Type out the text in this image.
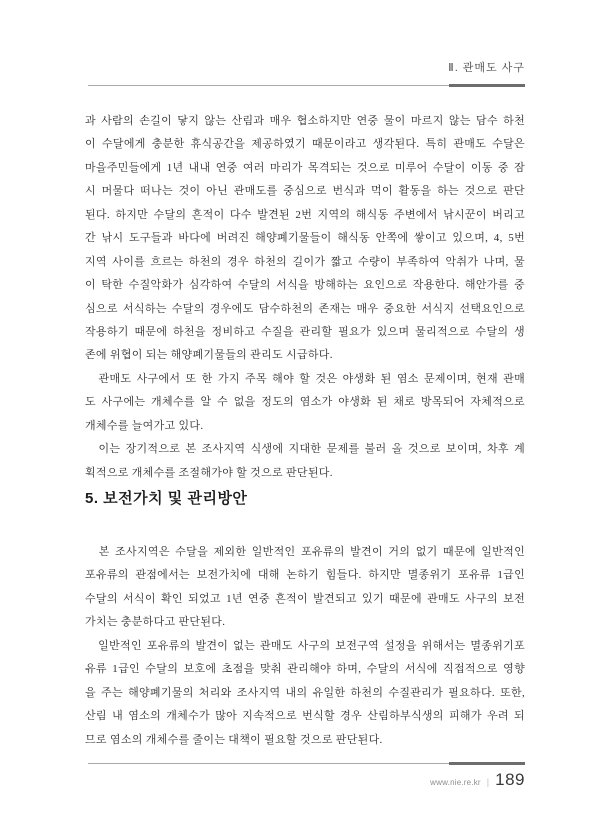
Ⅱ. 관매도 사구
과 사람의 손길이 닿지 않는 산림과 매우 협소하지만 연중 물이 마르지 않는 담수 하천
이 수달에게 충분한 휴식공간을 제공하였기 때문이라고 생각된다. 특히 관매도 수달은
마을주민들에게 1년 내내 연중 여러 마리가 목격되는 것으로 미루어 수달이 이동 중 잠
시 머물다 떠나는 것이 아닌 관매도를 중심으로 번식과 먹이 활동을 하는 것으로 판단
된다. 하지만 수달의 흔적이 다수 발견된 2번 지역의 해식동 주변에서 낚시꾼이 버리고
간 낚시 도구들과 바다에 버려진 해양폐기물들이 해식동 안쪽에 쌓이고 있으며, 4, 5번
지역 사이를 흐르는 하천의 경우 하천의 길이가 짧고 수량이 부족하여 악취가 나며, 물
이 탁한 수질악화가 심각하여 수달의 서식을 방해하는 요인으로 작용한다. 해안가를 중
심으로 서식하는 수달의 경우에도 담수하천의 존재는 매우 중요한 서식지 선택요인으로
작용하기 때문에 하천을 정비하고 수질을 관리할 필요가 있으며 물리적으로 수달의 생
존에 위협이 되는 해양폐기물들의 관리도 시급하다.
　관매도 사구에서 또 한 가지 주목 해야 할 것은 야생화 된 염소 문제이며, 현재 관매
도 사구에는 개체수를 알 수 없을 정도의 염소가 야생화 된 채로 방목되어 자체적으로
개체수를 늘여가고 있다.
　이는 장기적으로 본 조사지역 식생에 지대한 문제를 불러 올 것으로 보이며, 차후 계
획적으로 개체수를 조절해가야 할 것으로 판단된다.
5. 보전가치 및 관리방안
　본 조사지역은 수달을 제외한 일반적인 포유류의 발견이 거의 없기 때문에 일반적인
포유류의 관점에서는 보전가치에 대해 논하기 힘들다. 하지만 멸종위기 포유류 1급인
수달의 서식이 확인 되었고 1년 연중 흔적이 발견되고 있기 때문에 관매도 사구의 보전
가치는 충분하다고 판단된다.
　일반적인 포유류의 발견이 없는 관매도 사구의 보전구역 설정을 위해서는 멸종위기포
유류 1급인 수달의 보호에 초점을 맞춰 관리해야 하며, 수달의 서식에 직접적으로 영향
을 주는 해양폐기물의 처리와 조사지역 내의 유일한 하천의 수질관리가 필요하다. 또한,
산림 내 염소의 개체수가 많아 지속적으로 번식할 경우 산림하부식생의 피해가 우려 되
므로 염소의 개체수를 줄이는 대책이 필요할 것으로 판단된다.
www.nie.re.kr | 189
